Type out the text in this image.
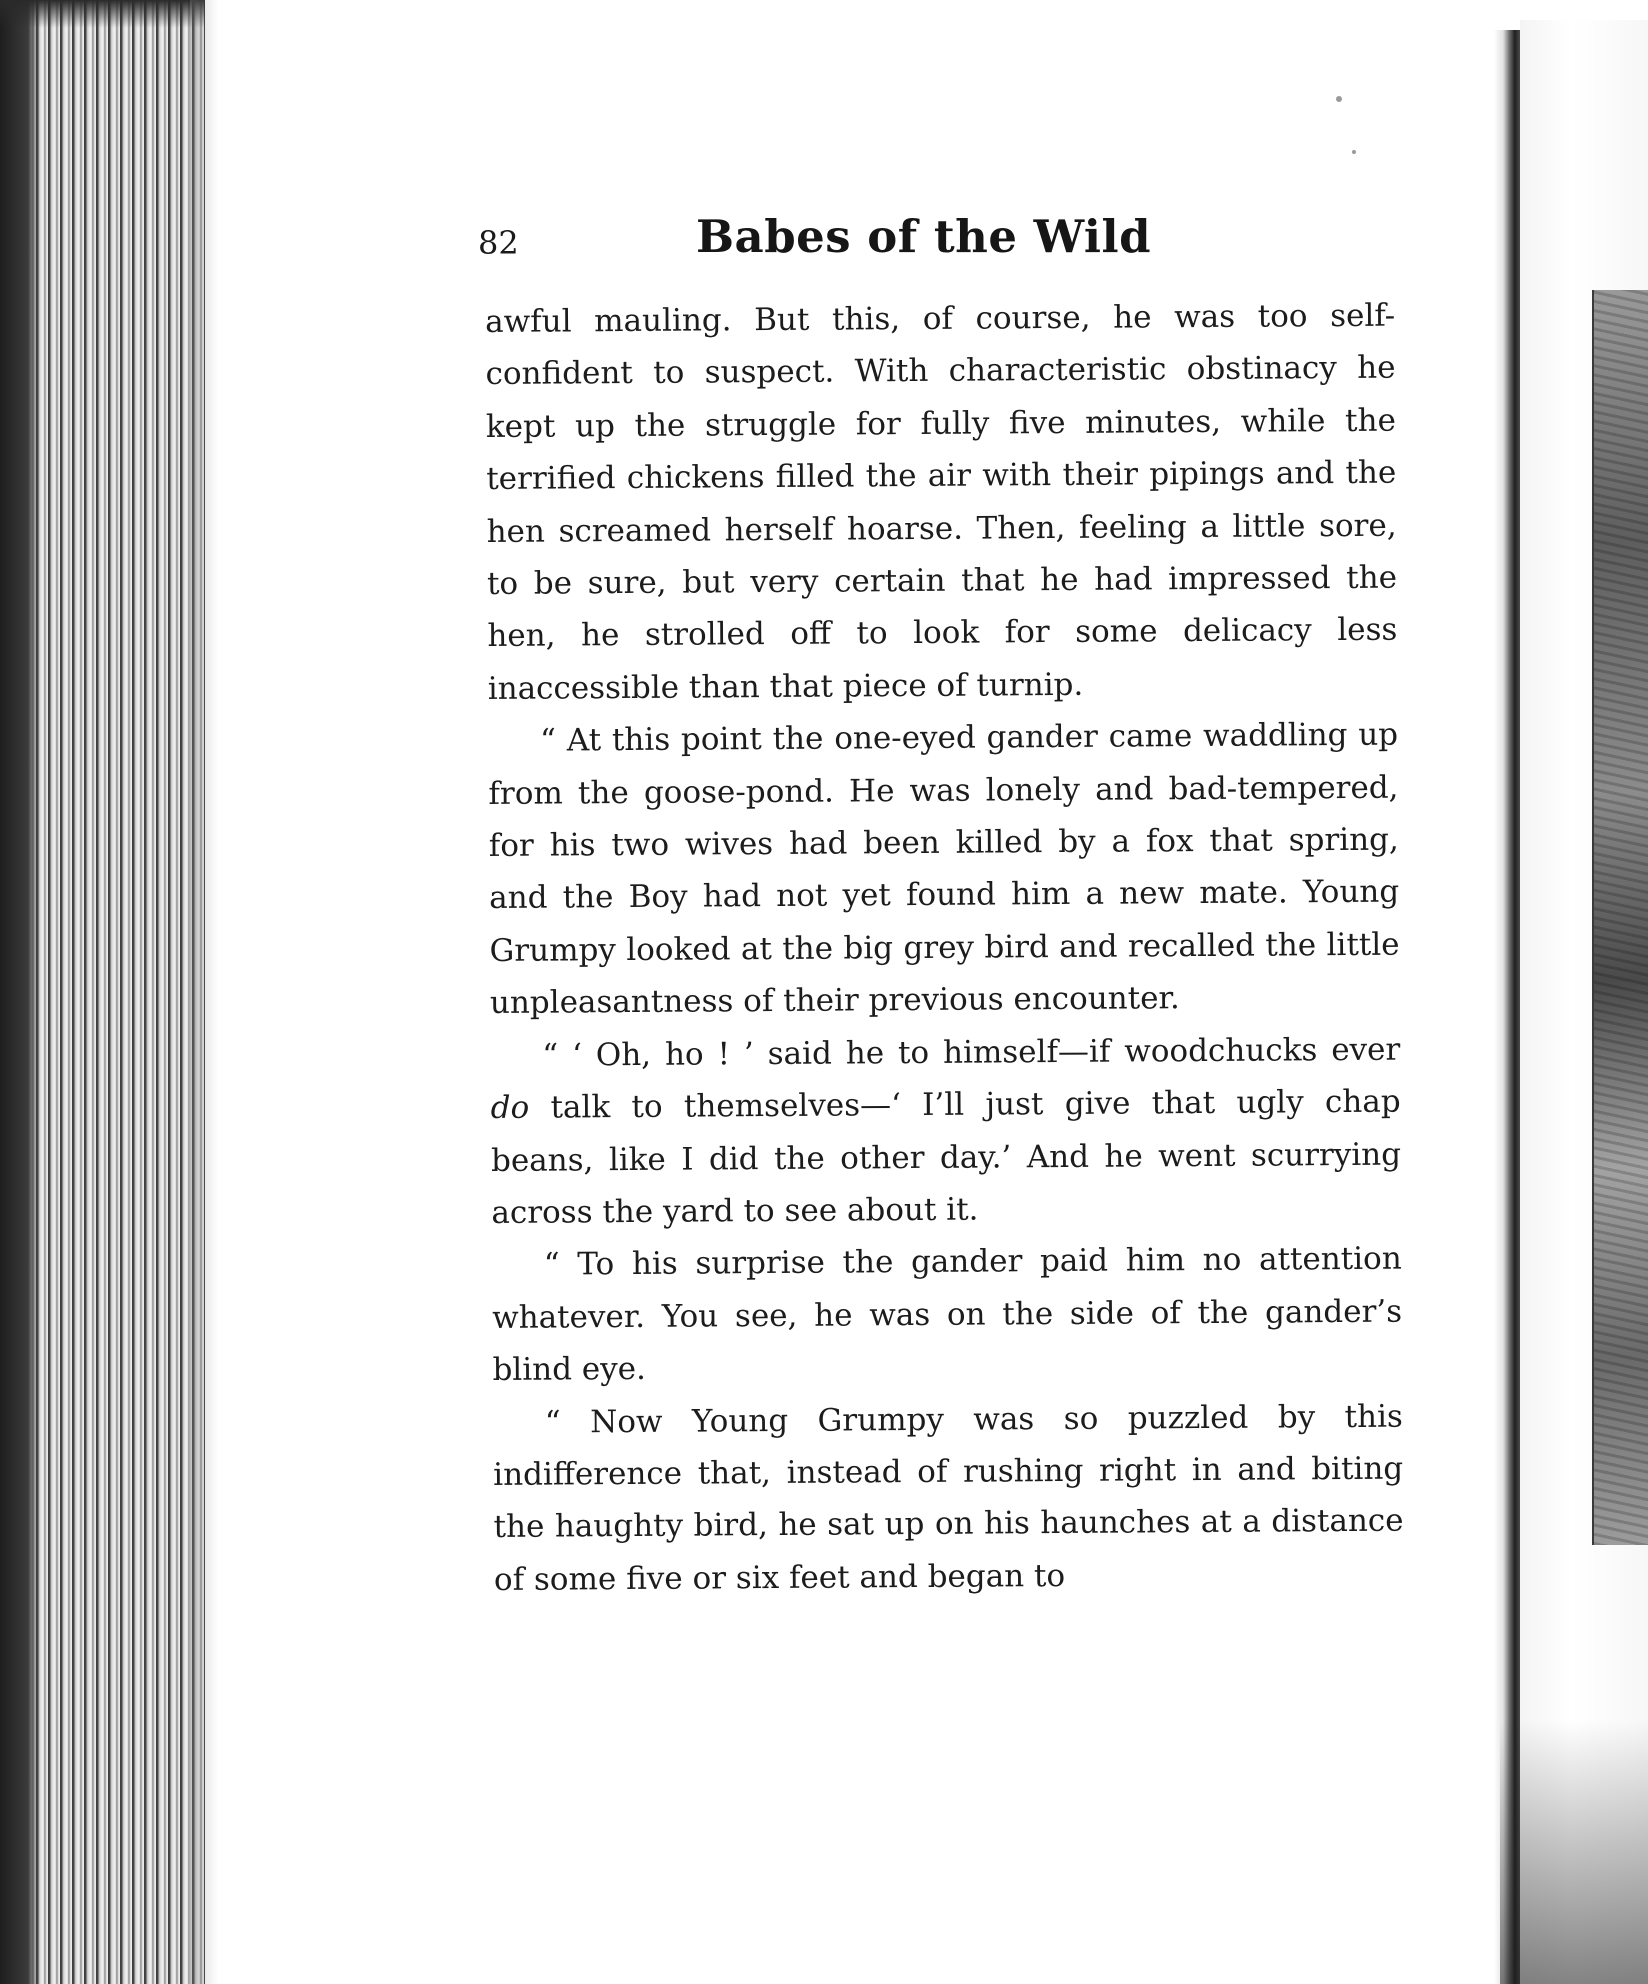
82	Babes of the Wild

awful mauling. But this, of course, he was too self-confident to suspect. With characteristic obstinacy he kept up the struggle for fully five minutes, while the terrified chickens filled the air with their pipings and the hen screamed herself hoarse. Then, feeling a little sore, to be sure, but very certain that he had impressed the hen, he strolled off to look for some delicacy less inaccessible than that piece of turnip.

“ At this point the one-eyed gander came waddling up from the goose-pond. He was lonely and bad-tempered, for his two wives had been killed by a fox that spring, and the Boy had not yet found him a new mate. Young Grumpy looked at the big grey bird and recalled the little unpleasantness of their previous encounter.

“ ‘ Oh, ho ! ’ said he to himself—if woodchucks ever do talk to themselves—‘ I’ll just give that ugly chap beans, like I did the other day.’ And he went scurrying across the yard to see about it.

“ To his surprise the gander paid him no attention whatever. You see, he was on the side of the gander’s blind eye.

“ Now Young Grumpy was so puzzled by this indifference that, instead of rushing right in and biting the haughty bird, he sat up on his haunches at a distance of some five or six feet and began to
